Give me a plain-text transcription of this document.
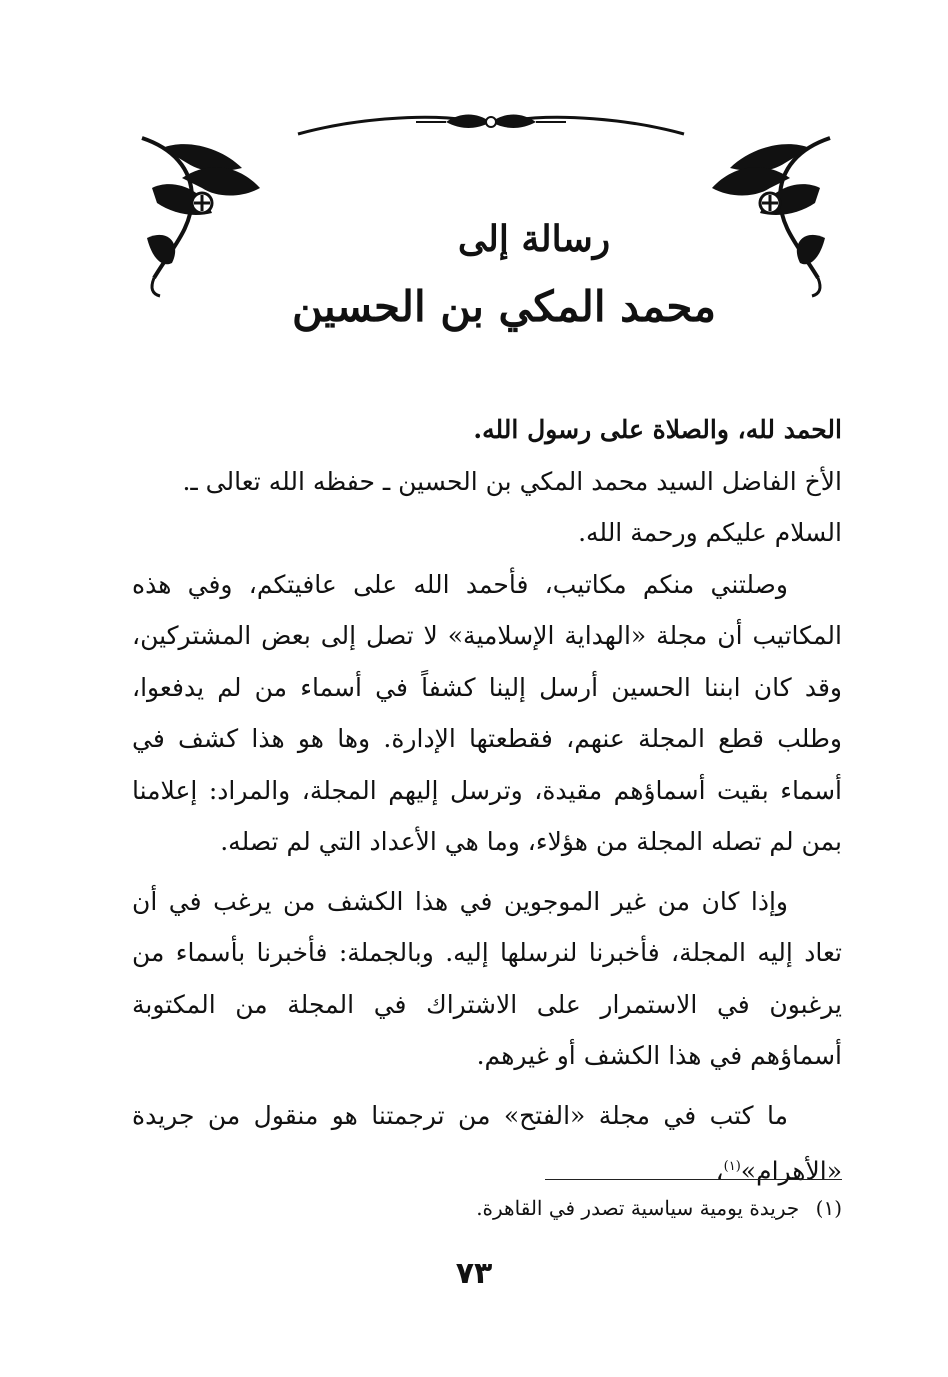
رسالة إلى
محمد المكي بن الحسين

الحمد لله، والصلاة على رسول الله.

الأخ الفاضل السيد محمد المكي بن الحسين ـ حفظه الله تعالى ـ.

السلام عليكم ورحمة الله.

وصلتني منكم مكاتيب، فأحمد الله على عافيتكم، وفي هذه المكاتيب أن مجلة «الهداية الإسلامية» لا تصل إلى بعض المشتركين، وقد كان ابننا الحسين أرسل إلينا كشفاً في أسماء من لم يدفعوا، وطلب قطع المجلة عنهم، فقطعتها الإدارة. وها هو هذا كشف في أسماء بقيت أسماؤهم مقيدة، وترسل إليهم المجلة، والمراد: إعلامنا بمن لم تصله المجلة من هؤلاء، وما هي الأعداد التي لم تصله.

وإذا كان من غير الموجوين في هذا الكشف من يرغب في أن تعاد إليه المجلة، فأخبرنا لنرسلها إليه. وبالجملة: فأخبرنا بأسماء من يرغبون في الاستمرار على الاشتراك في المجلة من المكتوبة أسماؤهم في هذا الكشف أو غيرهم.

ما كتب في مجلة «الفتح» من ترجمتنا هو منقول من جريدة «الأهرام»$^{(١)}$،

(١) جريدة يومية سياسية تصدر في القاهرة.
٧٣
